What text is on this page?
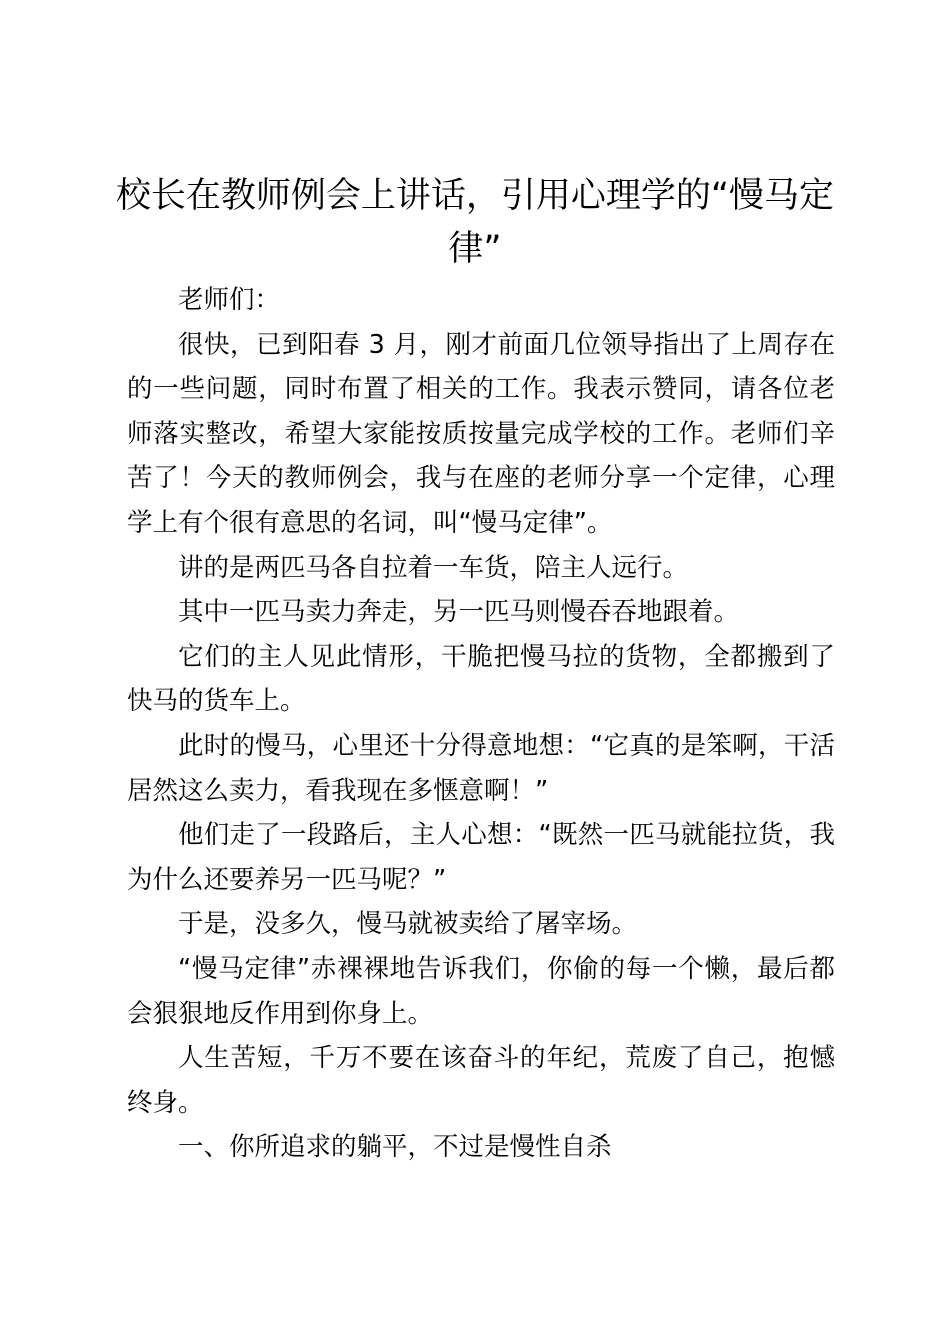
校长在教师例会上讲话，引用心理学的“慢马定律”

老师们：

很快，已到阳春 3 月，刚才前面几位领导指出了上周存在的一些问题，同时布置了相关的工作。我表示赞同，请各位老师落实整改，希望大家能按质按量完成学校的工作。老师们辛苦了！今天的教师例会，我与在座的老师分享一个定律，心理学上有个很有意思的名词，叫“慢马定律”。

讲的是两匹马各自拉着一车货，陪主人远行。

其中一匹马卖力奔走，另一匹马则慢吞吞地跟着。

它们的主人见此情形，干脆把慢马拉的货物，全都搬到了快马的货车上。

此时的慢马，心里还十分得意地想：“它真的是笨啊，干活居然这么卖力，看我现在多惬意啊！”

他们走了一段路后，主人心想：“既然一匹马就能拉货，我为什么还要养另一匹马呢？”

于是，没多久，慢马就被卖给了屠宰场。

“慢马定律”赤裸裸地告诉我们，你偷的每一个懒，最后都会狠狠地反作用到你身上。

人生苦短，千万不要在该奋斗的年纪，荒废了自己，抱憾终身。

一、你所追求的躺平，不过是慢性自杀
